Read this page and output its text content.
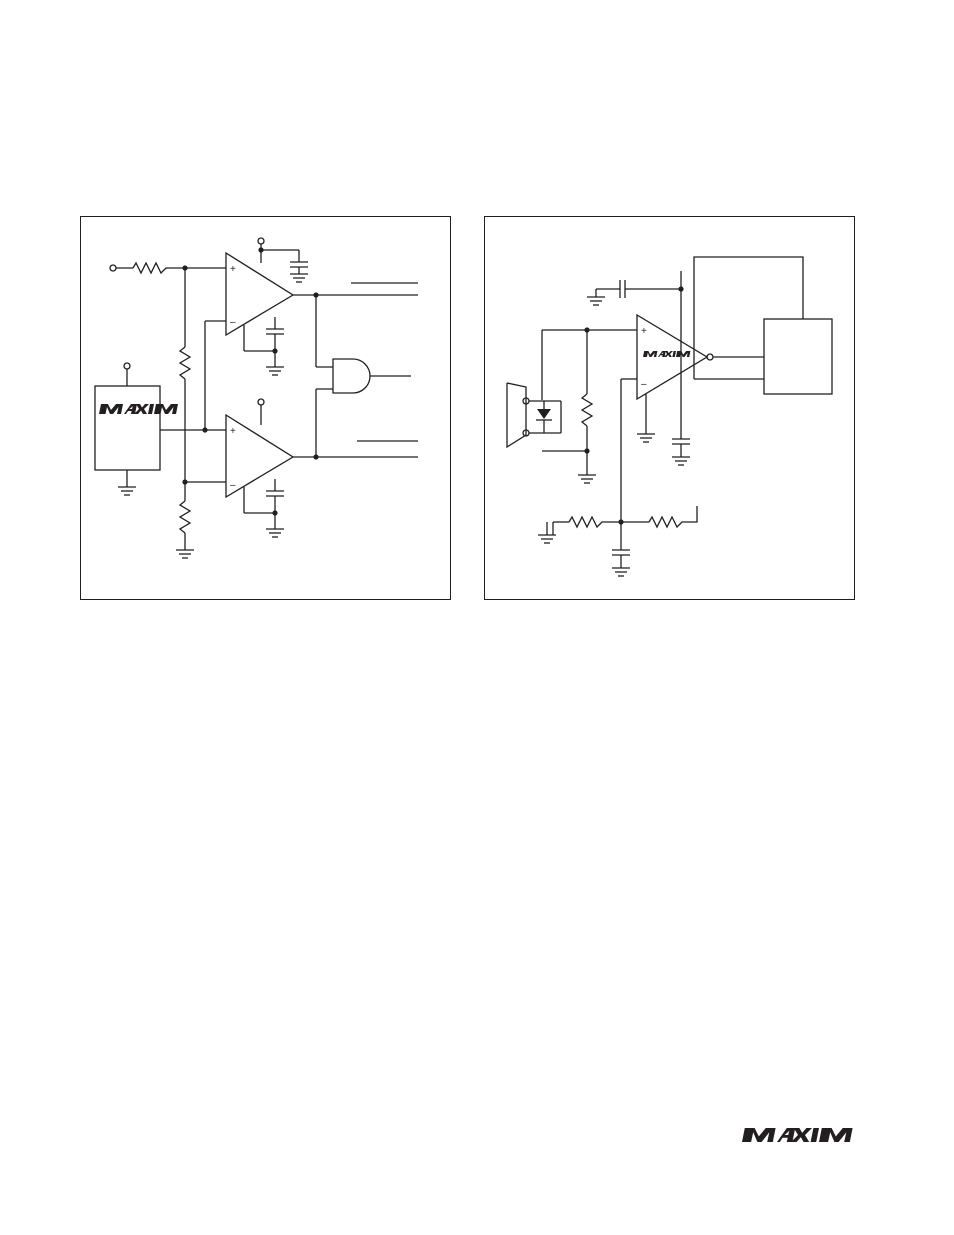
+
–
+
–
+
–
